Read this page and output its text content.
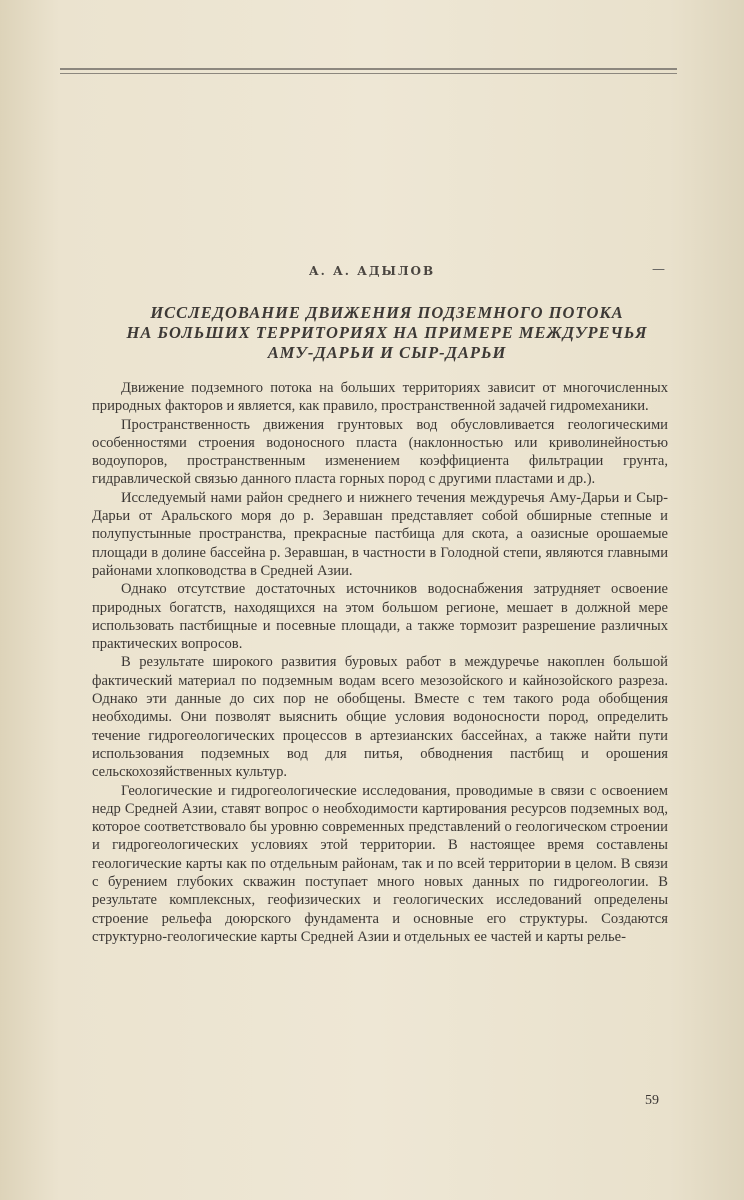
А. А. АДЫЛОВ	—
ИССЛЕДОВАНИЕ ДВИЖЕНИЯ ПОДЗЕМНОГО ПОТОКА
НА БОЛЬШИХ ТЕРРИТОРИЯХ НА ПРИМЕРЕ МЕЖДУРЕЧЬЯ
АМУ-ДАРЬИ И СЫР-ДАРЬИ

Движение подземного потока на больших территориях зависит от многочисленных природных факторов и является, как правило, пространственной задачей гидромеханики.

Пространственность движения грунтовых вод обусловливается геологическими особенностями строения водоносного пласта (наклонностью или криволинейностью водоупоров, пространственным изменением коэффициента фильтрации грунта, гидравлической связью данного пласта горных пород с другими пластами и др.).

Исследуемый нами район среднего и нижнего течения междуречья Аму-Дарьи и Сыр-Дарьи от Аральского моря до р. Зеравшан представляет собой обширные степные и полупустынные пространства, прекрасные пастбища для скота, а оазисные орошаемые площади в долине бассейна р. Зеравшан, в частности в Голодной степи, являются главными районами хлопководства в Средней Азии.

Однако отсутствие достаточных источников водоснабжения затрудняет освоение природных богатств, находящихся на этом большом регионе, мешает в должной мере использовать пастбищные и посевные площади, а также тормозит разрешение различных практических вопросов.

В результате широкого развития буровых работ в междуречье накоплен большой фактический материал по подземным водам всего мезозойского и кайнозойского разреза. Однако эти данные до сих пор не обобщены. Вместе с тем такого рода обобщения необходимы. Они позволят выяснить общие условия водоносности пород, определить течение гидрогеологических процессов в артезианских бассейнах, а также найти пути использования подземных вод для питья, обводнения пастбищ и орошения сельскохозяйственных культур.

Геологические и гидрогеологические исследования, проводимые в связи с освоением недр Средней Азии, ставят вопрос о необходимости картирования ресурсов подземных вод, которое соответствовало бы уровню современных представлений о геологическом строении и гидрогеологических условиях этой территории. В настоящее время составлены геологические карты как по отдельным районам, так и по всей территории в целом. В связи с бурением глубоких скважин поступает много новых данных по гидрогеологии. В результате комплексных, геофизических и геологических исследований определены строение рельефа доюрского фундамента и основные его структуры. Создаются структурно-геологические карты Средней Азии и отдельных ее частей и карты релье-

59
